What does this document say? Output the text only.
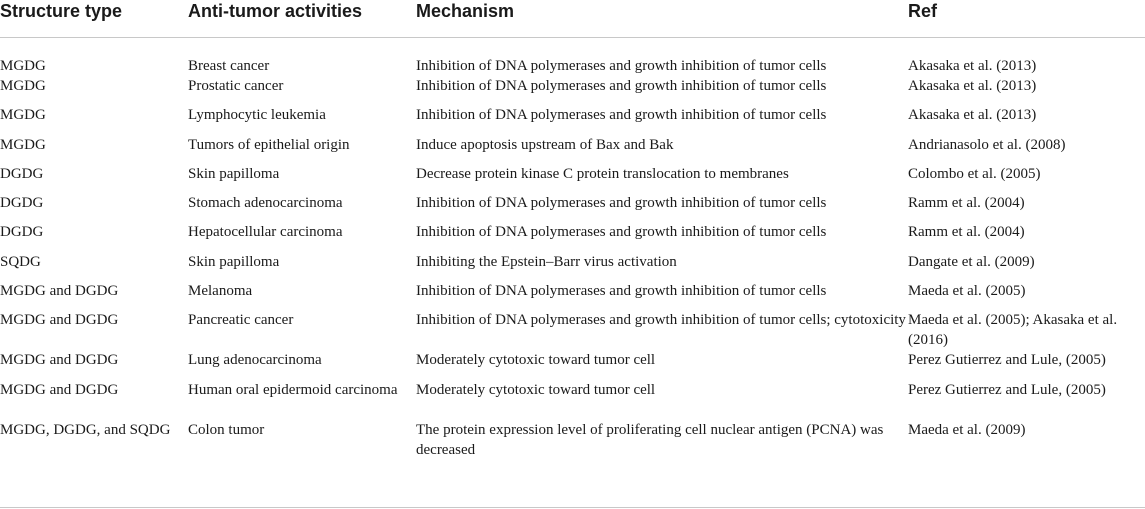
Structure type	Anti-tumor activities	Mechanism	Ref

MGDG	Breast cancer	Inhibition of DNA polymerases and growth inhibition of tumor cells	Akasaka et al. (2013)
MGDG	Prostatic cancer	Inhibition of DNA polymerases and growth inhibition of tumor cells	Akasaka et al. (2013)
MGDG	Lymphocytic leukemia	Inhibition of DNA polymerases and growth inhibition of tumor cells	Akasaka et al. (2013)
MGDG	Tumors of epithelial origin	Induce apoptosis upstream of Bax and Bak	Andrianasolo et al. (2008)
DGDG	Skin papilloma	Decrease protein kinase C protein translocation to membranes	Colombo et al. (2005)
DGDG	Stomach adenocarcinoma	Inhibition of DNA polymerases and growth inhibition of tumor cells	Ramm et al. (2004)
DGDG	Hepatocellular carcinoma	Inhibition of DNA polymerases and growth inhibition of tumor cells	Ramm et al. (2004)
SQDG	Skin papilloma	Inhibiting the Epstein–Barr virus activation	Dangate et al. (2009)
MGDG and DGDG	Melanoma	Inhibition of DNA polymerases and growth inhibition of tumor cells	Maeda et al. (2005)
MGDG and DGDG	Pancreatic cancer	Inhibition of DNA polymerases and growth inhibition of tumor cells; cytotoxicity	Maeda et al. (2005); Akasaka et al. (2016)
MGDG and DGDG	Lung adenocarcinoma	Moderately cytotoxic toward tumor cell	Perez Gutierrez and Lule, (2005)
MGDG and DGDG	Human oral epidermoid carcinoma	Moderately cytotoxic toward tumor cell	Perez Gutierrez and Lule, (2005)
MGDG, DGDG, and SQDG	Colon tumor	The protein expression level of proliferating cell nuclear antigen (PCNA) was decreased	Maeda et al. (2009)
